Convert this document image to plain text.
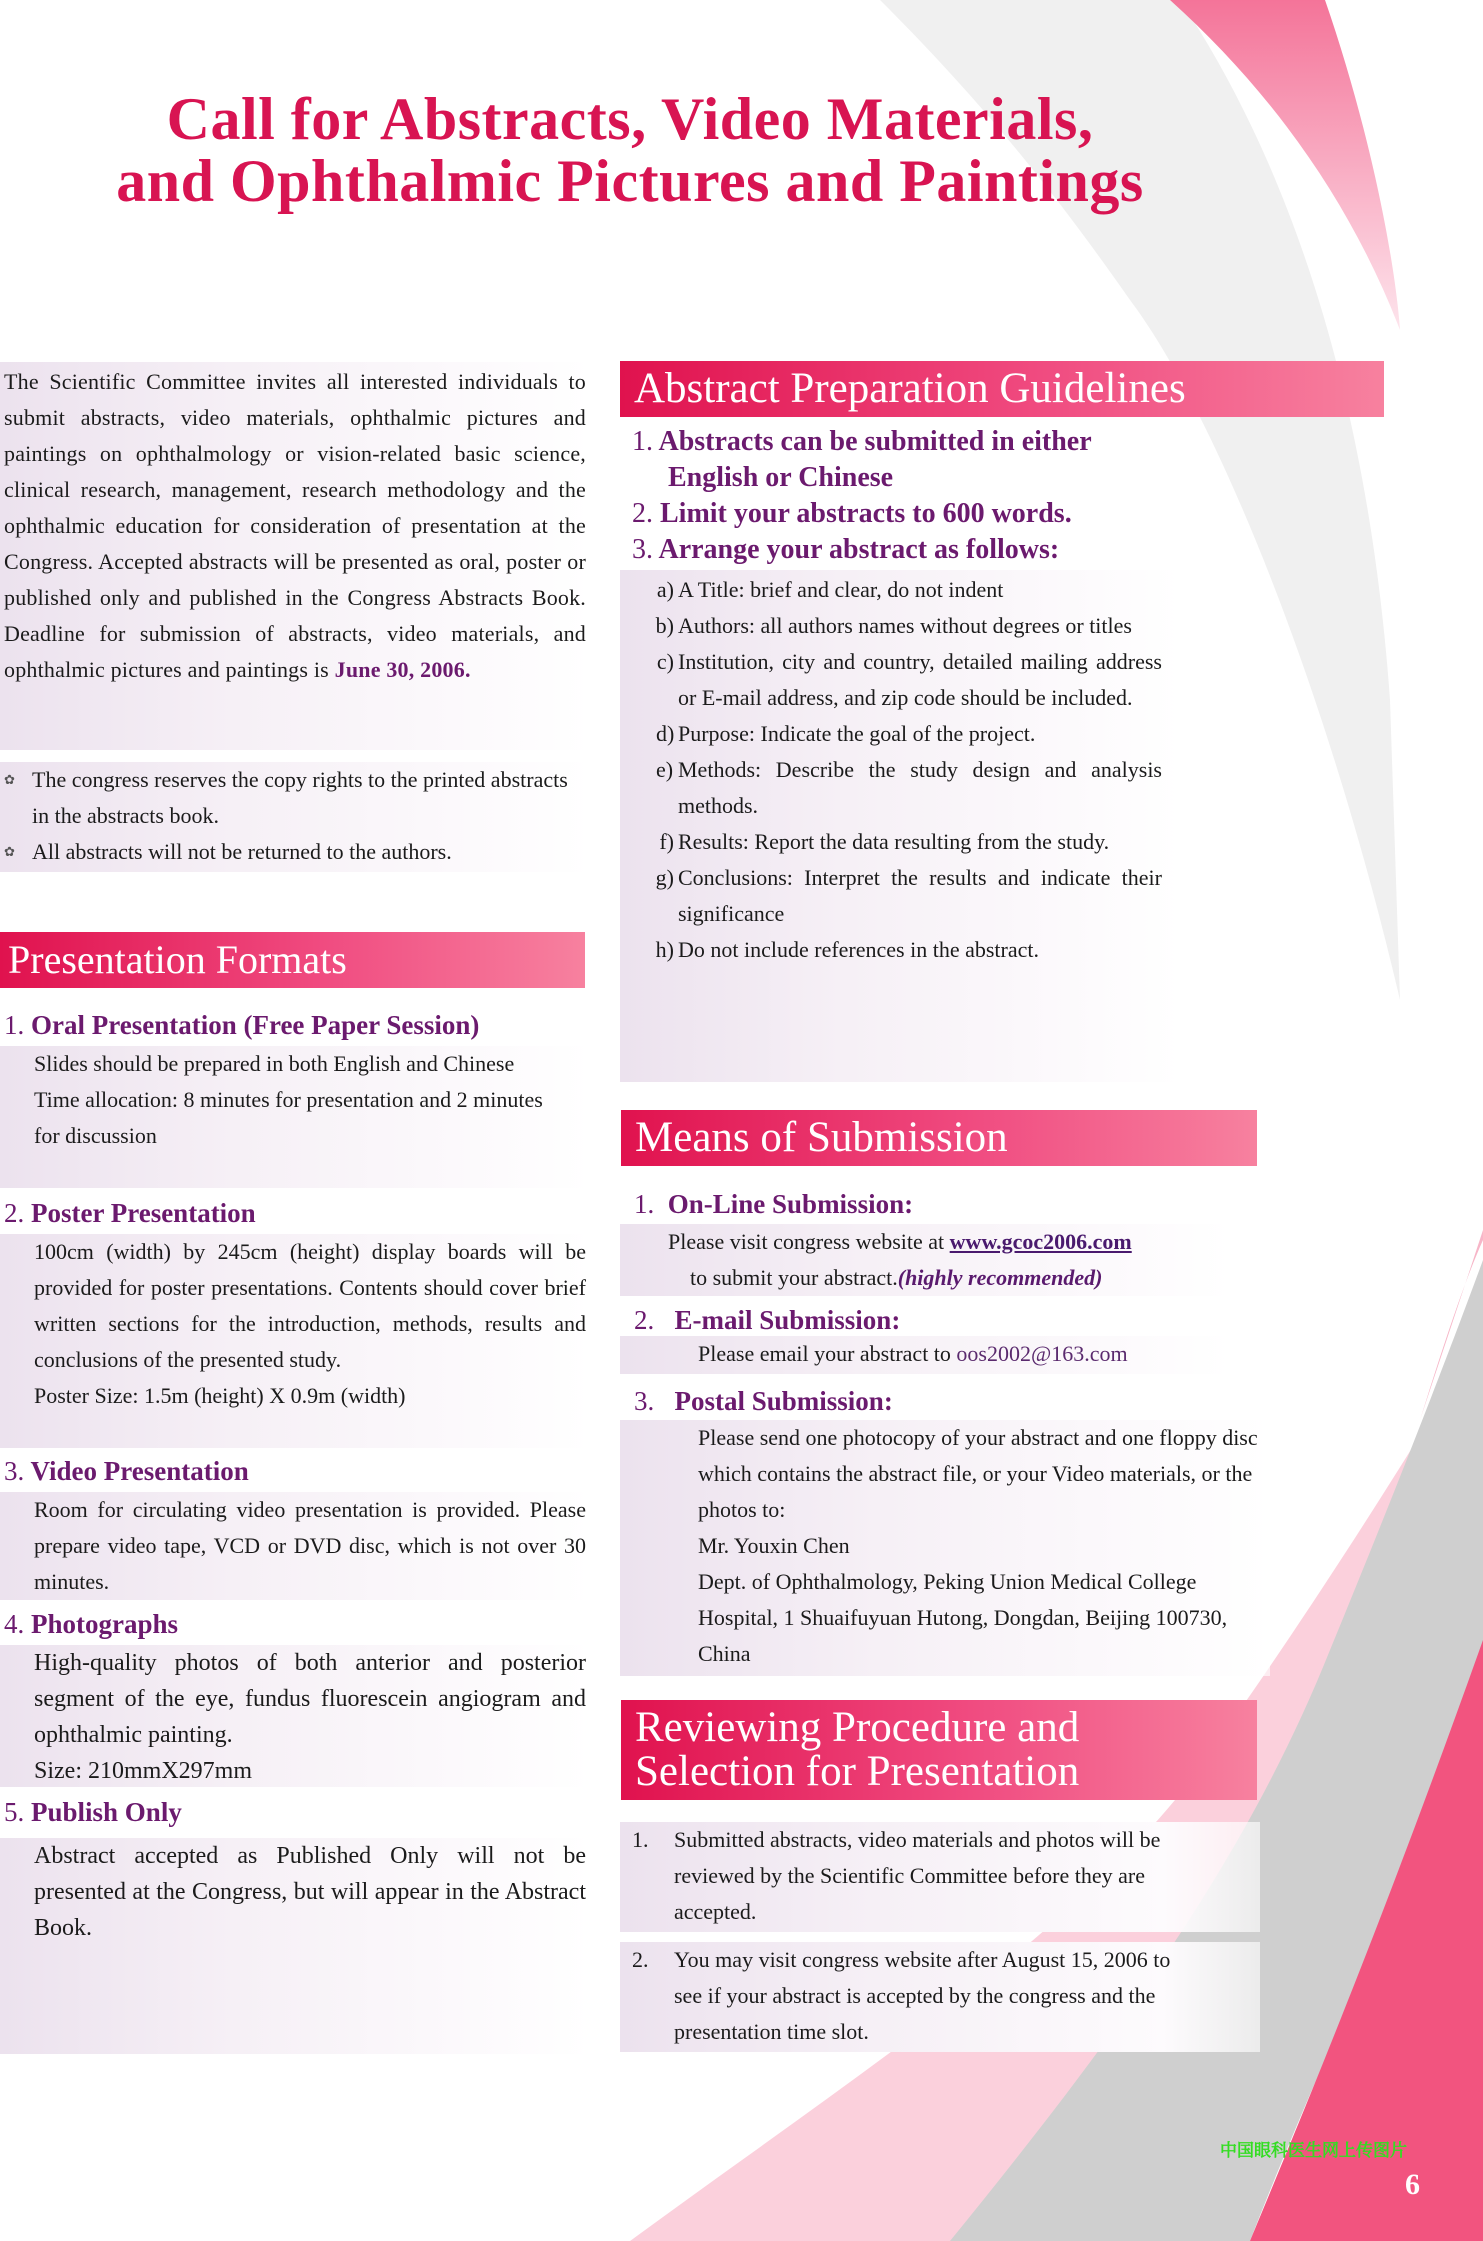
Call for Abstracts, Video Materials,
and Ophthalmic Pictures and Paintings
The Scientific Committee invites all interested individuals to submit abstracts, video materials, ophthalmic pictures and paintings on ophthalmology or vision-related basic science, clinical research, management, research methodology and the ophthalmic education for consideration of presentation at the Congress. Accepted abstracts will be presented as oral, poster or published only and published in the Congress Abstracts Book. Deadline for submission of abstracts, video materials, and ophthalmic pictures and paintings is June 30, 2006.
✿ The congress reserves the copy rights to the printed abstracts in the abstracts book.
✿ All abstracts will not be returned to the authors.
Presentation Formats
1. Oral Presentation (Free Paper Session)
Slides should be prepared in both English and Chinese
Time allocation: 8 minutes for presentation and 2 minutes for discussion
2. Poster Presentation
100cm (width) by 245cm (height) display boards will be provided for poster presentations. Contents should cover brief written sections for the introduction, methods, results and conclusions of the presented study.
Poster Size: 1.5m (height) X 0.9m (width)
3. Video Presentation
Room for circulating video presentation is provided. Please prepare video tape, VCD or DVD disc, which is not over 30 minutes.
4. Photographs
High-quality photos of both anterior and posterior segment of the eye, fundus fluorescein angiogram and ophthalmic painting.
Size: 210mmX297mm
5. Publish Only
Abstract accepted as Published Only will not be presented at the Congress, but will appear in the Abstract Book.
Abstract Preparation Guidelines
1. Abstracts can be submitted in either
English or Chinese
2. Limit your abstracts to 600 words.
3. Arrange your abstract as follows:
a) A Title: brief and clear, do not indent
b) Authors: all authors names without degrees or titles
c) Institution, city and country, detailed mailing address or E-mail address, and zip code should be included.
d) Purpose: Indicate the goal of the project.
e) Methods: Describe the study design and analysis methods.
f) Results: Report the data resulting from the study.
g) Conclusions: Interpret the results and indicate their significance
h) Do not include references in the abstract.
Means of Submission
1. On-Line Submission:
Please visit congress website at www.gcoc2006.com
to submit your abstract.(highly recommended)
2. E-mail Submission:
Please email your abstract to oos2002@163.com
3. Postal Submission:
Please send one photocopy of your abstract and one floppy disc which contains the abstract file, or your Video materials, or the photos to:
Mr. Youxin Chen
Dept. of Ophthalmology, Peking Union Medical College Hospital, 1 Shuaifuyuan Hutong, Dongdan, Beijing 100730, China
Reviewing Procedure and
Selection for Presentation
1.	Submitted abstracts, video materials and photos will be reviewed by the Scientific Committee before they are accepted.
2.	You may visit congress website after August 15, 2006 to see if your abstract is accepted by the congress and the presentation time slot.
中国眼科医生网上传图片
6
